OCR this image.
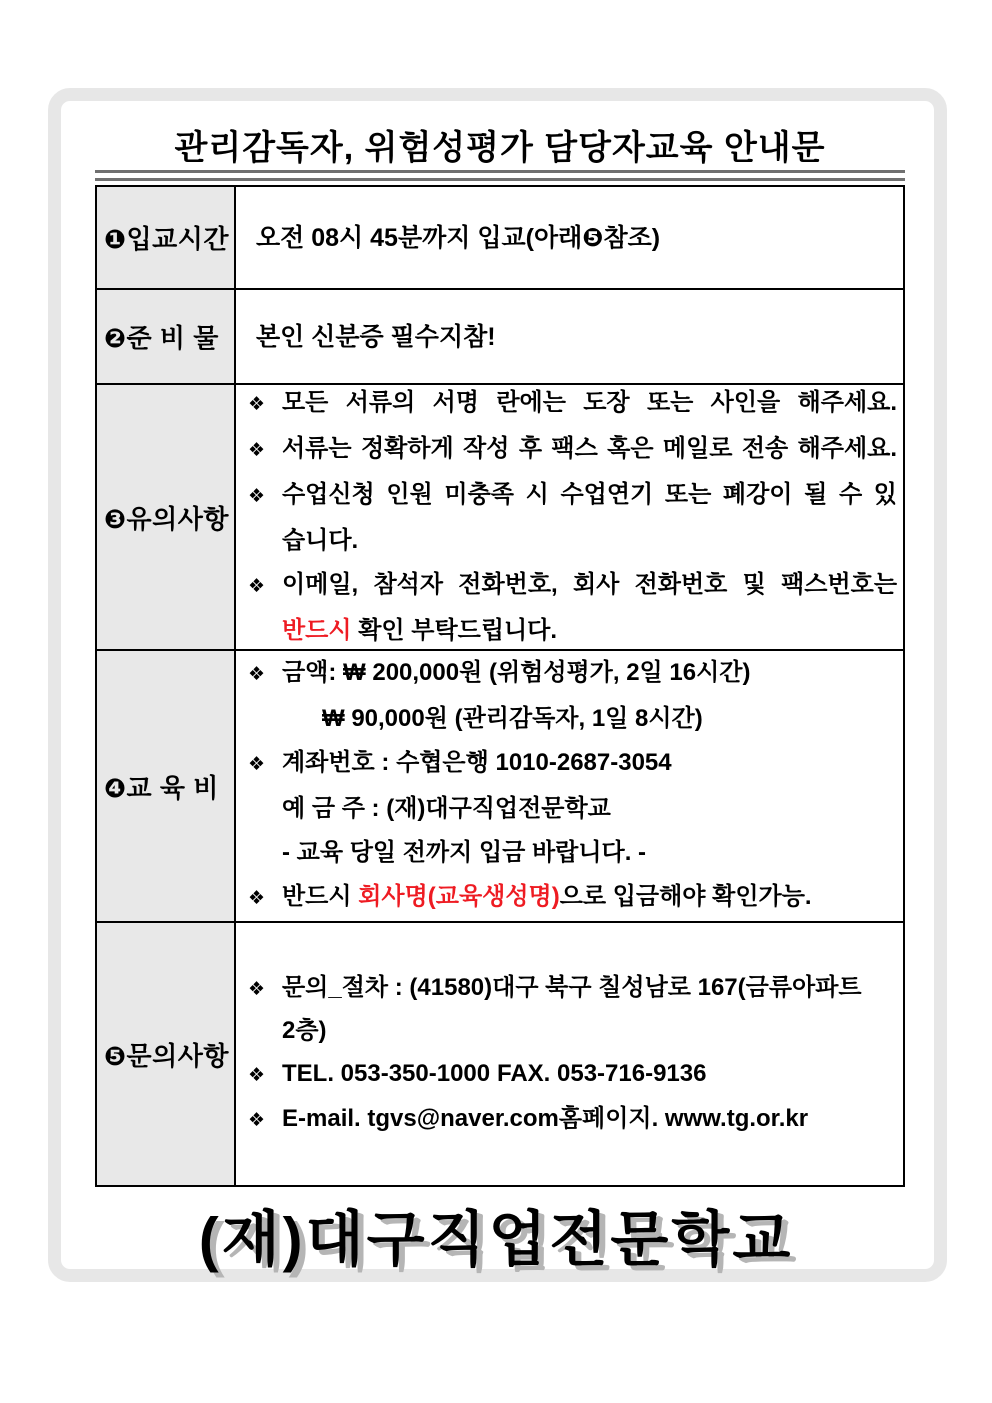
관리감독자, 위험성평가 담당자교육 안내문
❶입교시간 오전 08시 45분까지 입교(아래❺참조)
❷준 비 물	본인 신분증 필수지참!
❸유의사항
❖ 모든 서류의 서명 란에는 도장 또는 사인을 해주세요.
❖ 서류는 정확하게 작성 후 팩스 혹은 메일로 전송 해주세요.
❖ 수업신청 인원 미충족 시 수업연기 또는 폐강이 될 수 있
습니다.
❖ 이메일, 참석자 전화번호, 회사 전화번호 및 팩스번호는
반드시 확인 부탁드립니다.
❹교 육 비
❖ 금액: ₩ 200,000원 (위험성평가, 2일 16시간)
₩ 90,000원 (관리감독자, 1일 8시간)
❖ 계좌번호 : 수협은행 1010-2687-3054
예 금 주 : (재)대구직업전문학교
- 교육 당일 전까지 입금 바랍니다. -
❖ 반드시 회사명(교육생성명)으로 입금해야 확인가능.
❺문의사항
❖ 문의_절차 : (41580)대구 북구 칠성남로 167(금류아파트 2층)
❖ TEL. 053-350-1000 FAX. 053-716-9136
❖ E-mail. tgvs@naver.com홈페이지. www.tg.or.kr
(재)대구직업전문학교
